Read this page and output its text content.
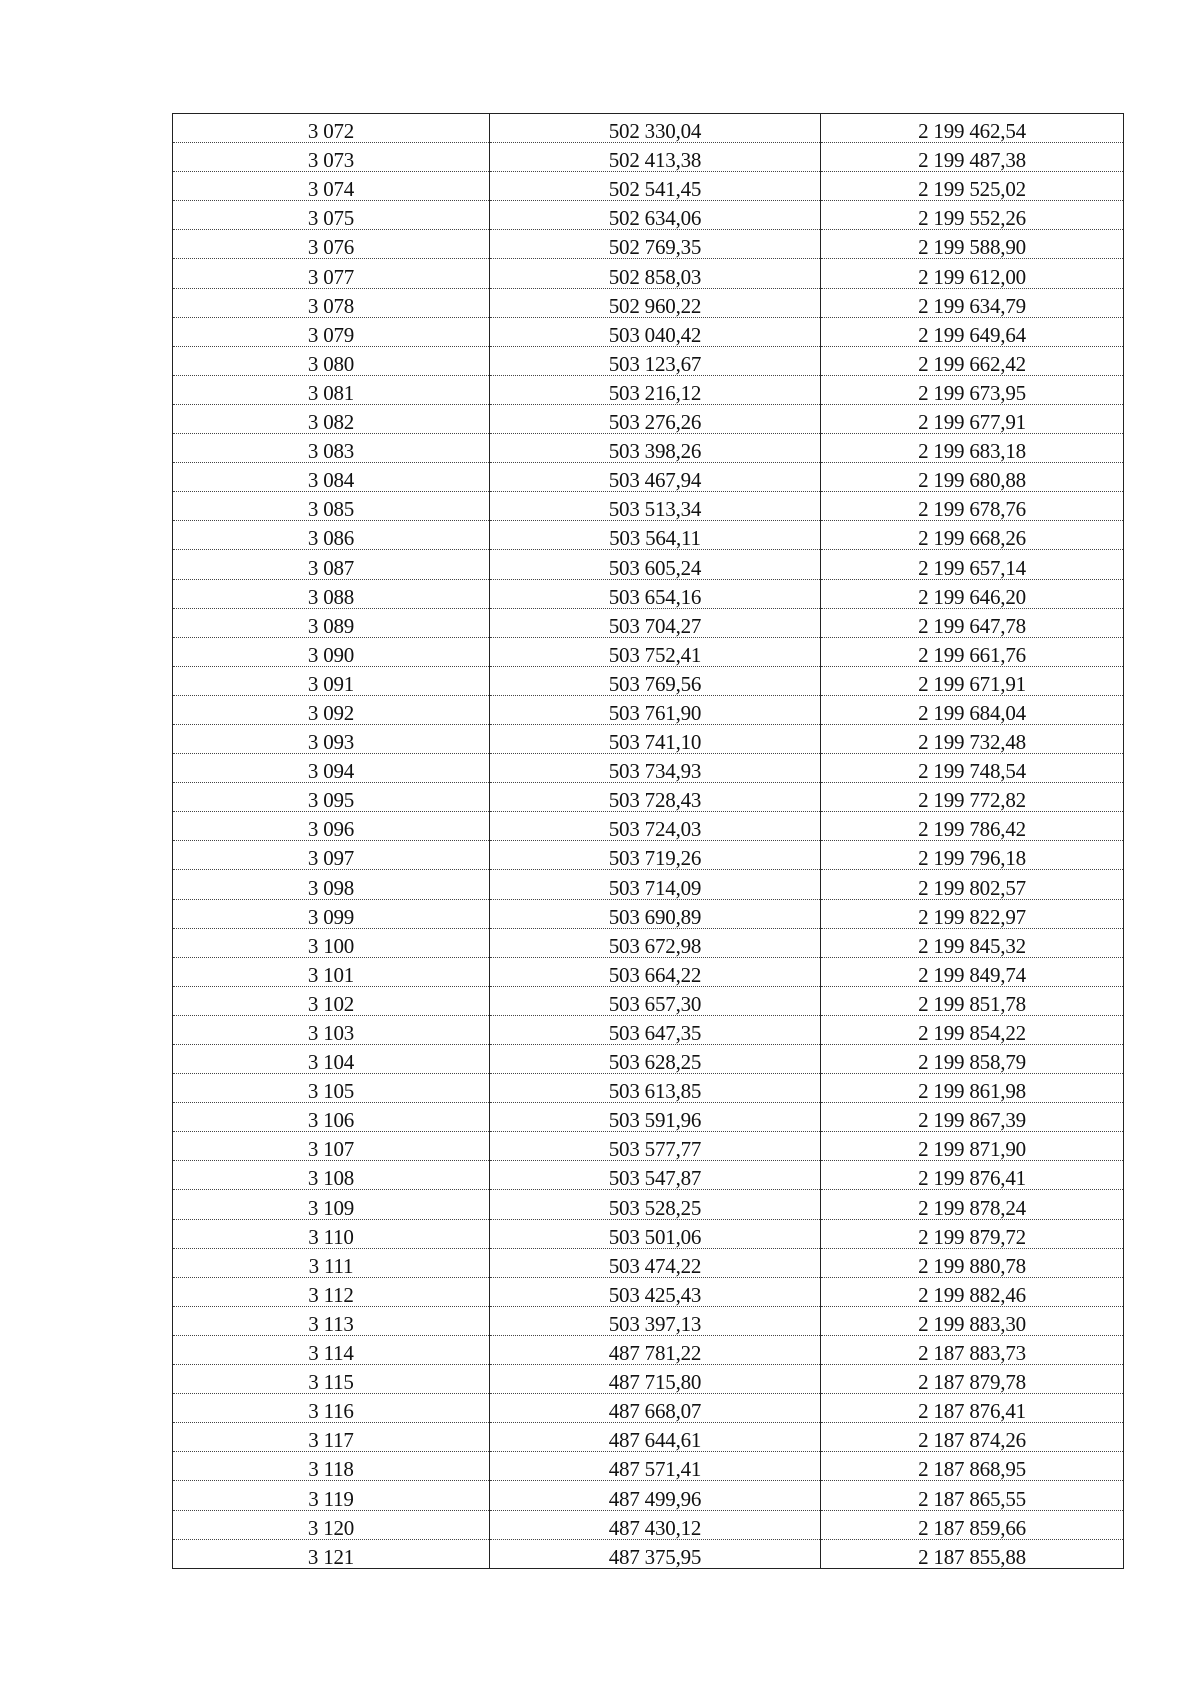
3 072	502 330,04	2 199 462,54
3 073	502 413,38	2 199 487,38
3 074	502 541,45	2 199 525,02
3 075	502 634,06	2 199 552,26
3 076	502 769,35	2 199 588,90
3 077	502 858,03	2 199 612,00
3 078	502 960,22	2 199 634,79
3 079	503 040,42	2 199 649,64
3 080	503 123,67	2 199 662,42
3 081	503 216,12	2 199 673,95
3 082	503 276,26	2 199 677,91
3 083	503 398,26	2 199 683,18
3 084	503 467,94	2 199 680,88
3 085	503 513,34	2 199 678,76
3 086	503 564,11	2 199 668,26
3 087	503 605,24	2 199 657,14
3 088	503 654,16	2 199 646,20
3 089	503 704,27	2 199 647,78
3 090	503 752,41	2 199 661,76
3 091	503 769,56	2 199 671,91
3 092	503 761,90	2 199 684,04
3 093	503 741,10	2 199 732,48
3 094	503 734,93	2 199 748,54
3 095	503 728,43	2 199 772,82
3 096	503 724,03	2 199 786,42
3 097	503 719,26	2 199 796,18
3 098	503 714,09	2 199 802,57
3 099	503 690,89	2 199 822,97
3 100	503 672,98	2 199 845,32
3 101	503 664,22	2 199 849,74
3 102	503 657,30	2 199 851,78
3 103	503 647,35	2 199 854,22
3 104	503 628,25	2 199 858,79
3 105	503 613,85	2 199 861,98
3 106	503 591,96	2 199 867,39
3 107	503 577,77	2 199 871,90
3 108	503 547,87	2 199 876,41
3 109	503 528,25	2 199 878,24
3 110	503 501,06	2 199 879,72
3 111	503 474,22	2 199 880,78
3 112	503 425,43	2 199 882,46
3 113	503 397,13	2 199 883,30
3 114	487 781,22	2 187 883,73
3 115	487 715,80	2 187 879,78
3 116	487 668,07	2 187 876,41
3 117	487 644,61	2 187 874,26
3 118	487 571,41	2 187 868,95
3 119	487 499,96	2 187 865,55
3 120	487 430,12	2 187 859,66
3 121	487 375,95	2 187 855,88
